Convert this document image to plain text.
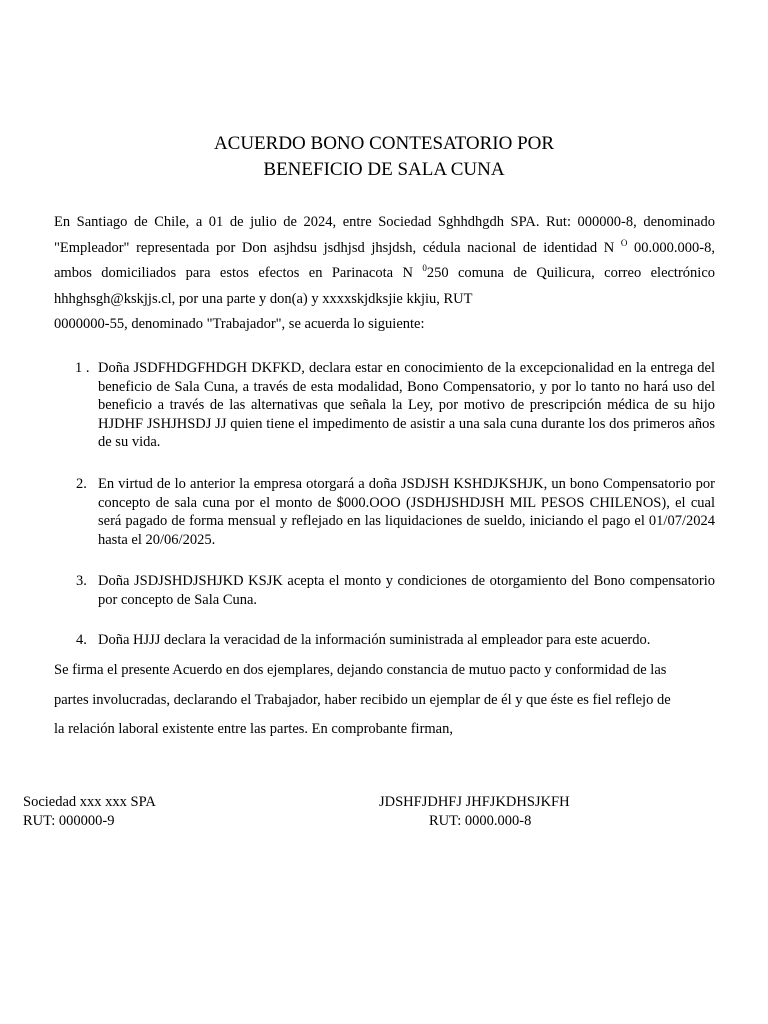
ACUERDO BONO CONTESATORIO POR
BENEFICIO DE SALA CUNA
En Santiago de Chile, a 01 de julio de 2024, entre Sociedad Sghhdhgdh SPA. Rut: 000000-8, denominado
"Empleador" representada por Don asjhdsu jsdhjsd jhsjdsh, cédula nacional de identidad N $^O$ 00.000.000-8,
ambos domiciliados para estos efectos en Parinacota N $^0$250 comuna de Quilicura, correo electrónico
hhhghsgh@kskjjs.cl, por una parte y don(a) y xxxxskjdksjie kkjiu, RUT
0000000-55, denominado "Trabajador", se acuerda lo siguiente:
1 . Doña JSDFHDGFHDGH DKFKD, declara estar en conocimiento de la excepcionalidad en la entrega del beneficio de Sala Cuna, a través de esta modalidad, Bono Compensatorio, y por lo tanto no hará uso del beneficio a través de las alternativas que señala la Ley, por motivo de prescripción médica de su hijo HJDHF JSHJHSDJ JJ quien tiene el impedimento de asistir a una sala cuna durante los dos primeros años de su vida.
2. En virtud de lo anterior la empresa otorgará a doña JSDJSH KSHDJKSHJK, un bono Compensatorio por concepto de sala cuna por el monto de $000.OOO (JSDHJSHDJSH MIL PESOS CHILENOS), el cual será pagado de forma mensual y reflejado en las liquidaciones de sueldo, iniciando el pago el 01/07/2024 hasta el 20/06/2025.
3. Doña JSDJSHDJSHJKD KSJK acepta el monto y condiciones de otorgamiento del Bono compensatorio por concepto de Sala Cuna.
4. Doña HJJJ declara la veracidad de la información suministrada al empleador para este acuerdo.
Se firma el presente Acuerdo en dos ejemplares, dejando constancia de mutuo pacto y conformidad de las
partes involucradas, declarando el Trabajador, haber recibido un ejemplar de él y que éste es fiel reflejo de
la relación laboral existente entre las partes. En comprobante firman,
Sociedad xxx xxx SPA
RUT: 000000-9
JDSHFJDHFJ JHFJKDHSJKFH
RUT: 0000.000-8
